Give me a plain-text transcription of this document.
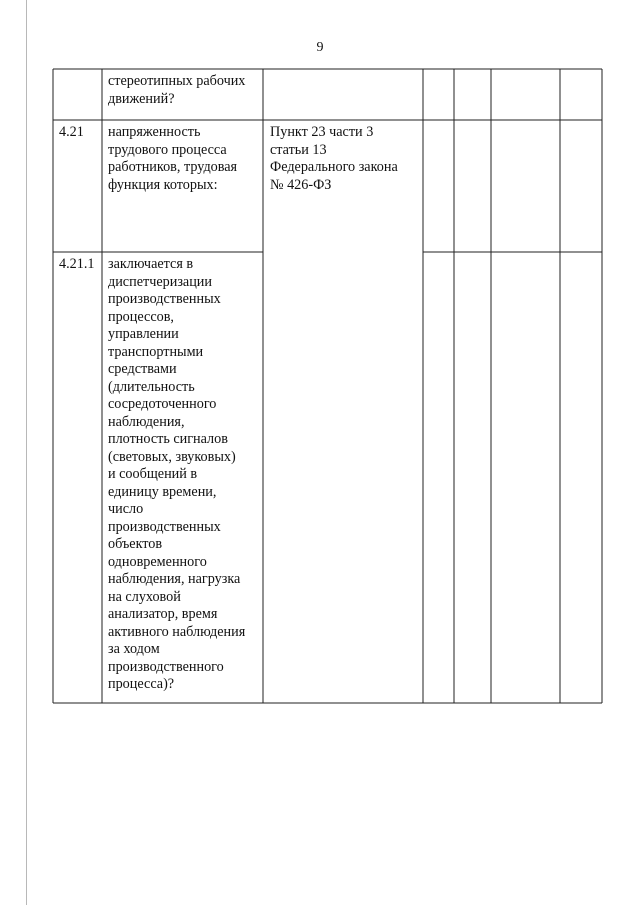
9
стереотипных рабочих
движений?
4.21 напряженность
трудового процесса
работников, трудовая
функция которых:
Пункт 23 части 3
статьи 13
Федерального закона
№ 426-ФЗ
4.21.1 заключается в
диспетчеризации
производственных
процессов,
управлении
транспортными
средствами
(длительность
сосредоточенного
наблюдения,
плотность сигналов
(световых, звуковых)
и сообщений в
единицу времени,
число
производственных
объектов
одновременного
наблюдения, нагрузка
на слуховой
анализатор, время
активного наблюдения
за ходом
производственного
процесса)?
